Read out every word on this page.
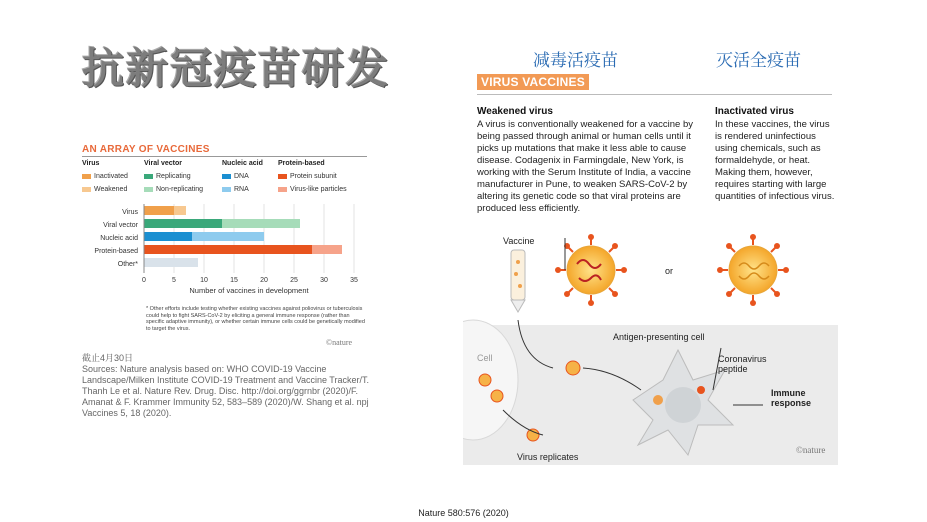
抗新冠疫苗研发	减毒活疫苗	灭活全疫苗
AN ARRAY OF VACCINES
Virus
Inactivated
Weakened
Viral vector
Replicating
Non-replicating
Nucleic acid
DNA
RNA
Protein-based
Protein subunit
Virus-like particles
0	5	10	15	20	25	30	35
Virus
Viral vector
Nucleic acid
Protein-based
Other*
Number of vaccines in development
* Other efforts include testing whether existing vaccines against poliovirus or tuberculosis could help to fight SARS-CoV-2 by eliciting a general immune response (rather than specific adaptive immunity), or whether certain immune cells could be genetically modified to target the virus.
©nature
截止4月30日
Sources: Nature analysis based on: WHO COVID-19 Vaccine Landscape/Milken Institute COVID-19 Treatment and Vaccine Tracker/T. Thanh Le et al. Nature Rev. Drug. Disc. http://doi.org/ggrnbr (2020)/F. Amanat & F. Krammer Immunity 52, 583–589 (2020)/W. Shang et al. npj Vaccines 5, 18 (2020).
VIRUS VACCINES
Weakened virus
A virus is conventionally weakened for a vaccine by being passed through animal or human cells until it picks up mutations that make it less able to cause disease. Codagenix in Farmingdale, New York, is working with the Serum Institute of India, a vaccine manufacturer in Pune, to weaken SARS-CoV-2 by altering its genetic code so that viral proteins are produced less efficiently.
Inactivated virus
In these vaccines, the virus is rendered uninfectious using chemicals, such as formaldehyde, or heat. Making them, however, requires starting with large quantities of infectious virus.
©nature
Vaccine
or
Antigen-presenting cell
Cell	Coronavirus peptide
Immune response
Virus replicates
Nature 580:576 (2020)
